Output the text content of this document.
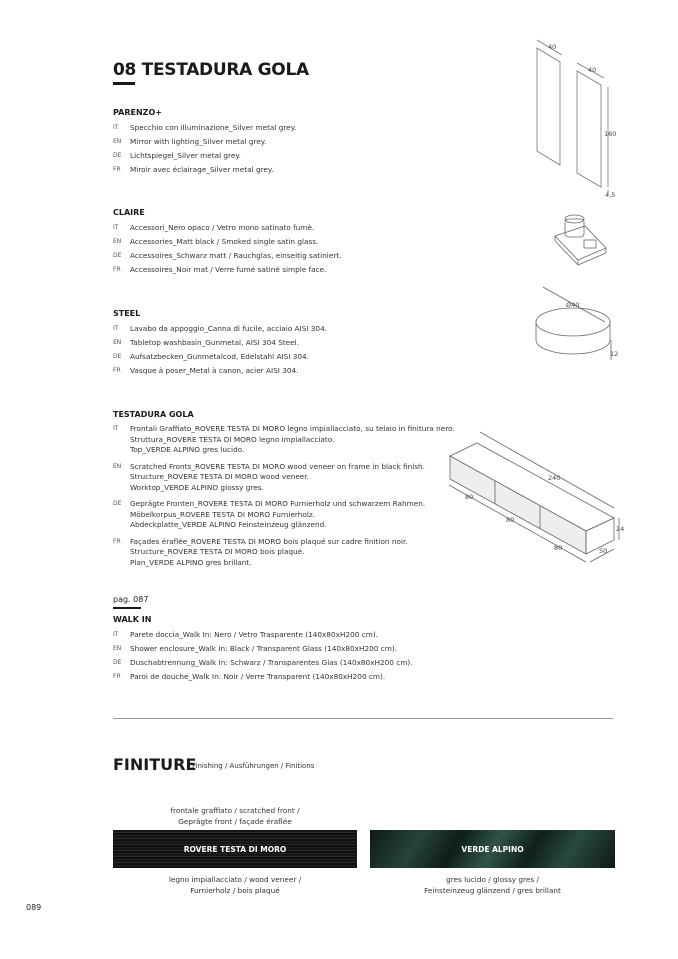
08 TESTADURA GOLA
PARENZO+
IT	Specchio con illuminazione_Silver metal grey.
EN	Mirror with lighting_Silver metal grey.
DE	Lichtspiegel_Silver metal grey.
FR	Miroir avec éclairage_Silver metal grey.
CLAIRE
IT	Accessori_Nero opaco / Vetro mono satinato fumè.
EN	Accessories_Matt black / Smoked single satin glass.
DE	Accessoires_Schwarz matt / Rauchglas, einseitig satiniert.
FR	Accessoires_Noir mat / Verre fumé satiné simple face.
STEEL
IT	Lavabo da appoggio_Canna di fucile, acciaio AISI 304.
EN	Tabletop washbasin_Gunmetal, AISI 304 Steel.
DE	Aufsatzbecken_Gunmetalcod, Edelstahl AISI 304.
FR	Vasque à poser_Metal à canon, acier AISI 304.
TESTADURA GOLA
IT	Frontali Graffiato_ROVERE TESTA DI MORO legno impiallacciato, su telaio in finitura nero.
Struttura_ROVERE TESTA DI MORO legno impiallacciato.
Top_VERDE ALPINO gres lucido.
EN	Scratched Fronts_ROVERE TESTA DI MORO wood veneer on frame in black finish.
Structure_ROVERE TESTA DI MORO wood veneer.
Worktop_VERDE ALPINO glossy gres.
DE	Geprägte Fronten_ROVERE TESTA DI MORO Furnierholz und schwarzem Rahmen.
Möbelkorpus_ROVERE TESTA DI MORO Furnierholz.
Abdeckplatte_VERDE ALPINO Feinsteinzeug glänzend.
FR	Façades éraflée_ROVERE TESTA DI MORO bois plaqué sur cadre finition noir.
Structure_ROVERE TESTA DI MORO bois plaqué.
Plan_VERDE ALPINO gres brillant.
pag. 087
WALK IN
IT	Parete doccia_Walk In: Nero / Vetro Trasparente (140x80xH200 cm).
EN	Shower enclosure_Walk In: Black / Transparent Glass (140x80xH200 cm).
DE	Duschabtrennung_Walk In: Schwarz / Transparentes Glas (140x80xH200 cm).
FR	Paroi de douche_Walk In: Noir / Verre Transparent (140x80xH200 cm).
40
40
160
4,5
Ø40
12
240
80
80
80
24
50
FINITURE
Finishing / Ausführungen / Finitions
frontale graffiato / scratched front /
Geprägte front / façade éraflée
ROVERE TESTA DI MORO	VERDE ALPINO
legno impiallacciato / wood veneer /
Furnierholz / bois plaqué
gres lucido / glossy gres /
Feinsteinzeug glänzend / gres brillant
089
